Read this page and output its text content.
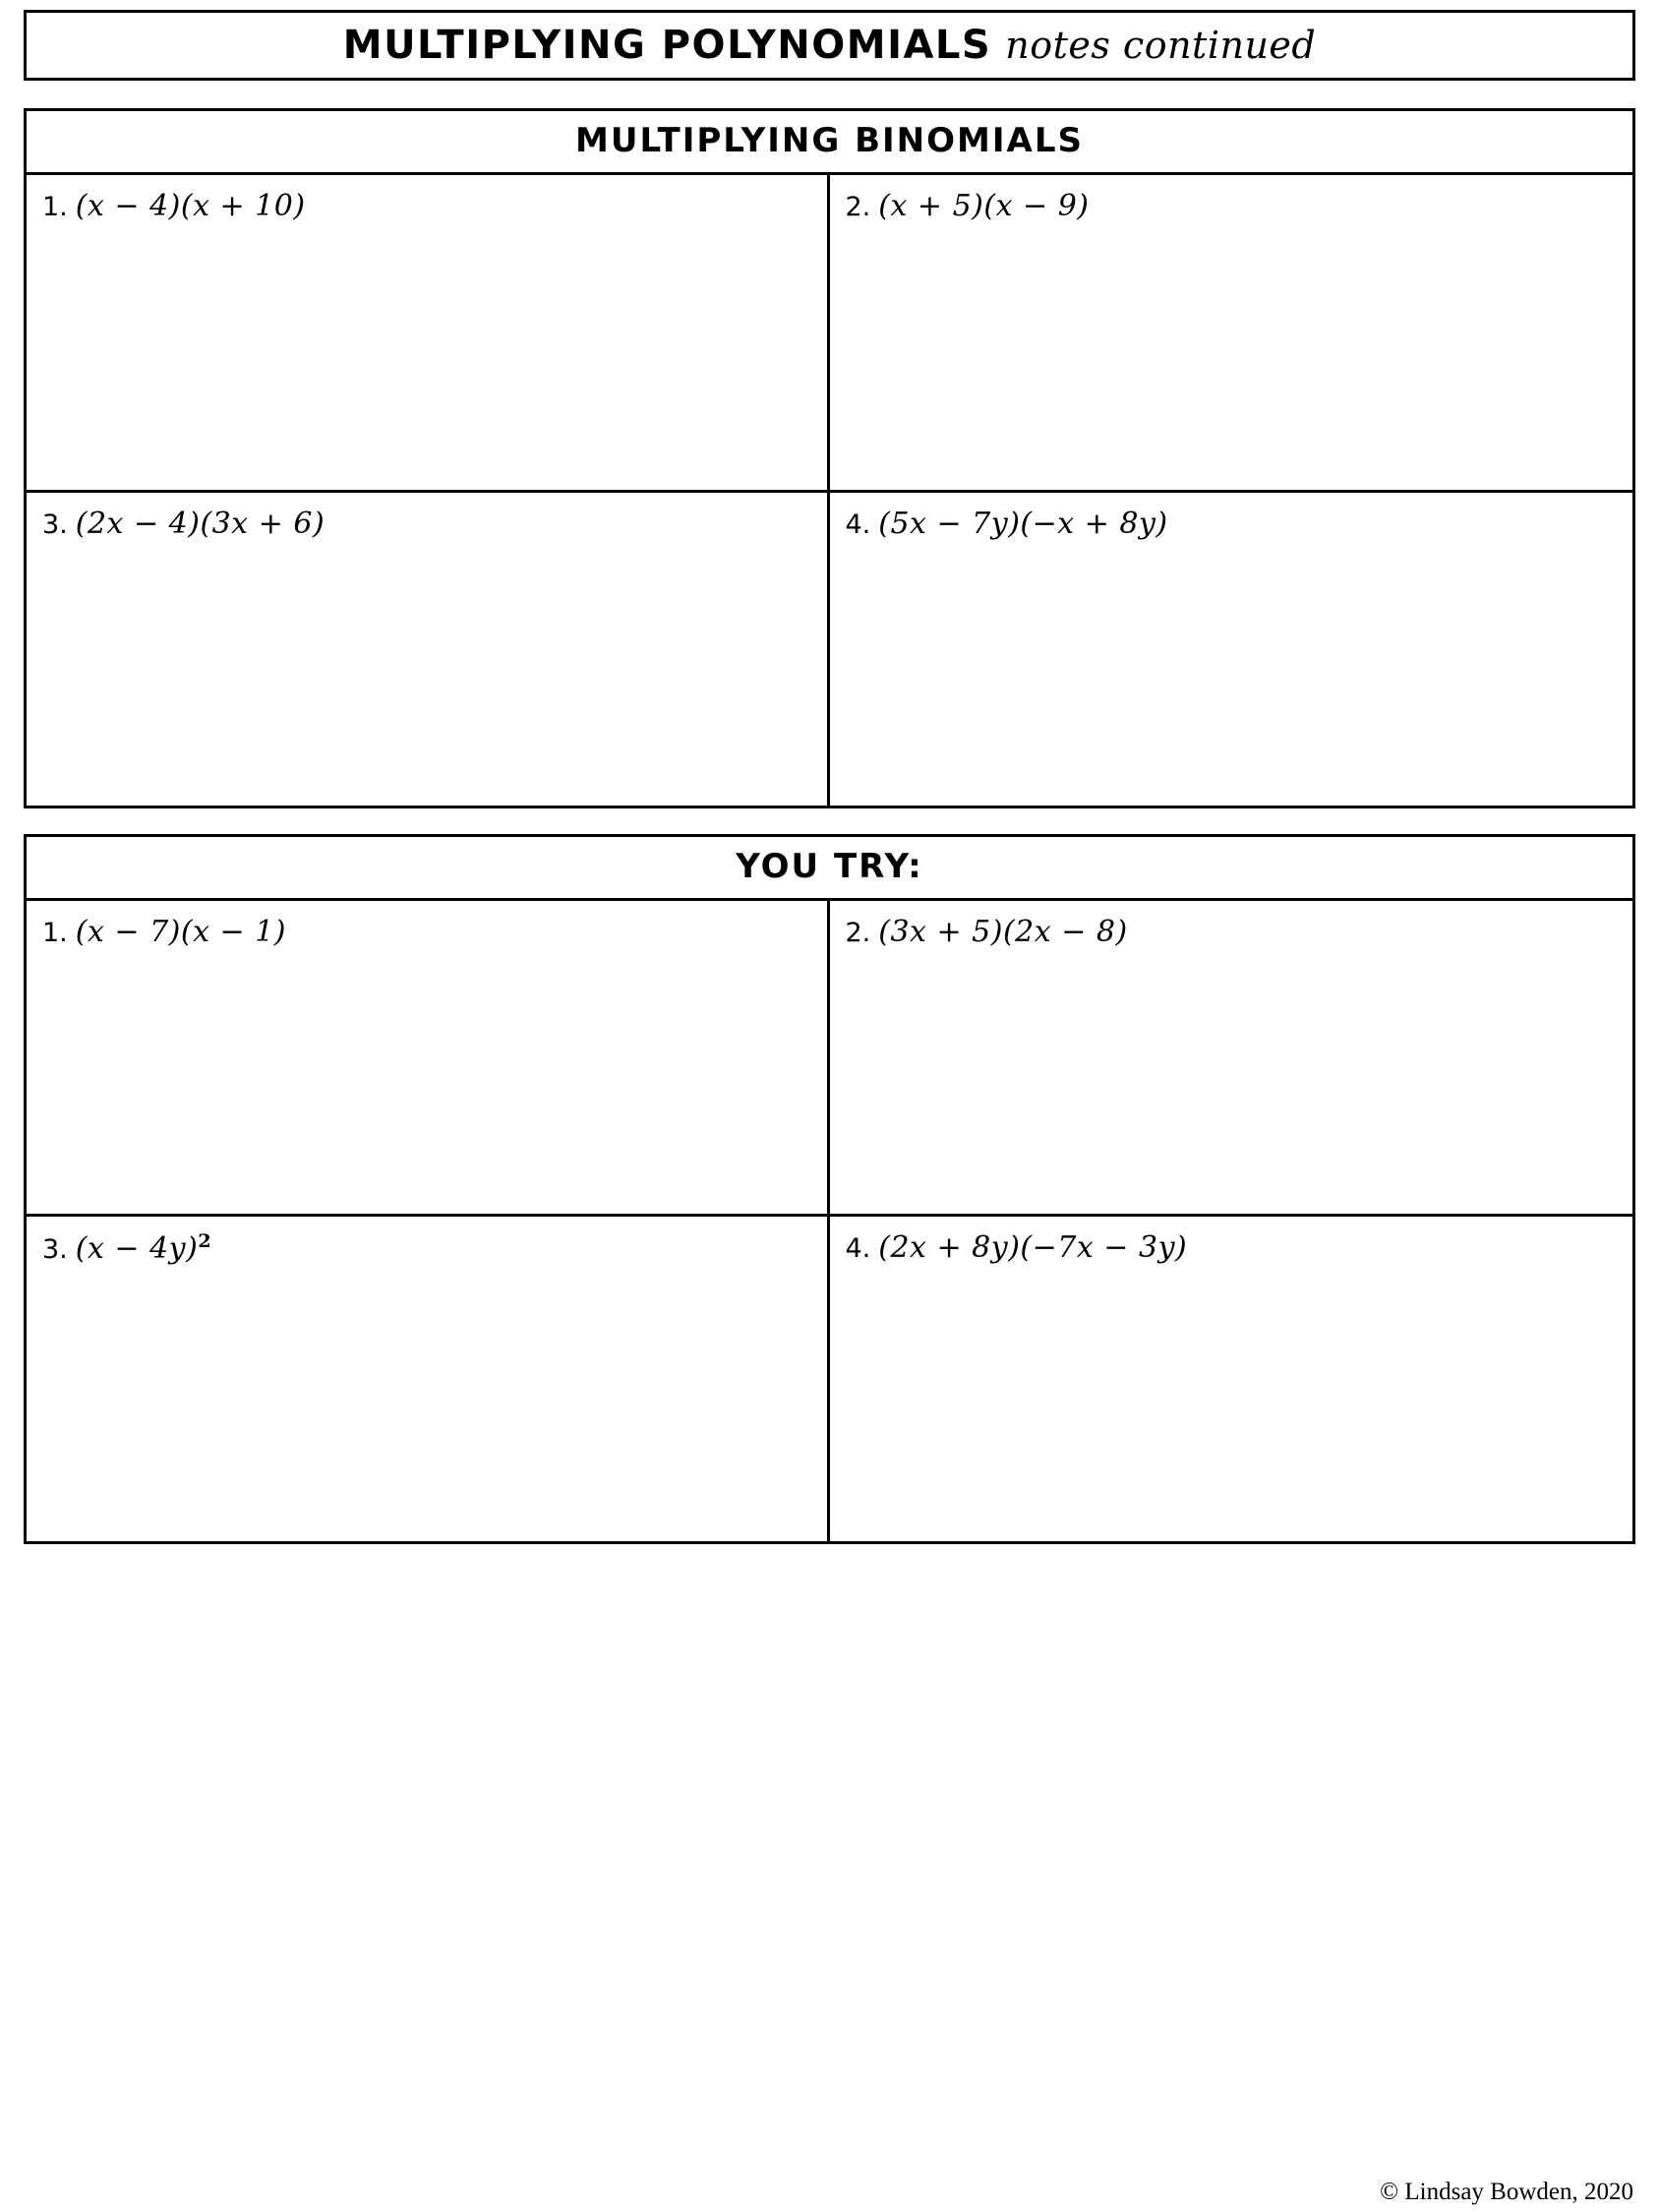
MULTIPLYING POLYNOMIALS notes continued
MULTIPLYING BINOMIALS
1. (x − 4)(x + 10)	2. (x + 5)(x − 9)
3. (2x − 4)(3x + 6)	4. (5x − 7y)(−x + 8y)
YOU TRY:
1. (x − 7)(x − 1)	2. (3x + 5)(2x − 8)
3. $(x - 4y)^2$	4. (2x + 8y)(−7x − 3y)
© Lindsay Bowden, 2020
